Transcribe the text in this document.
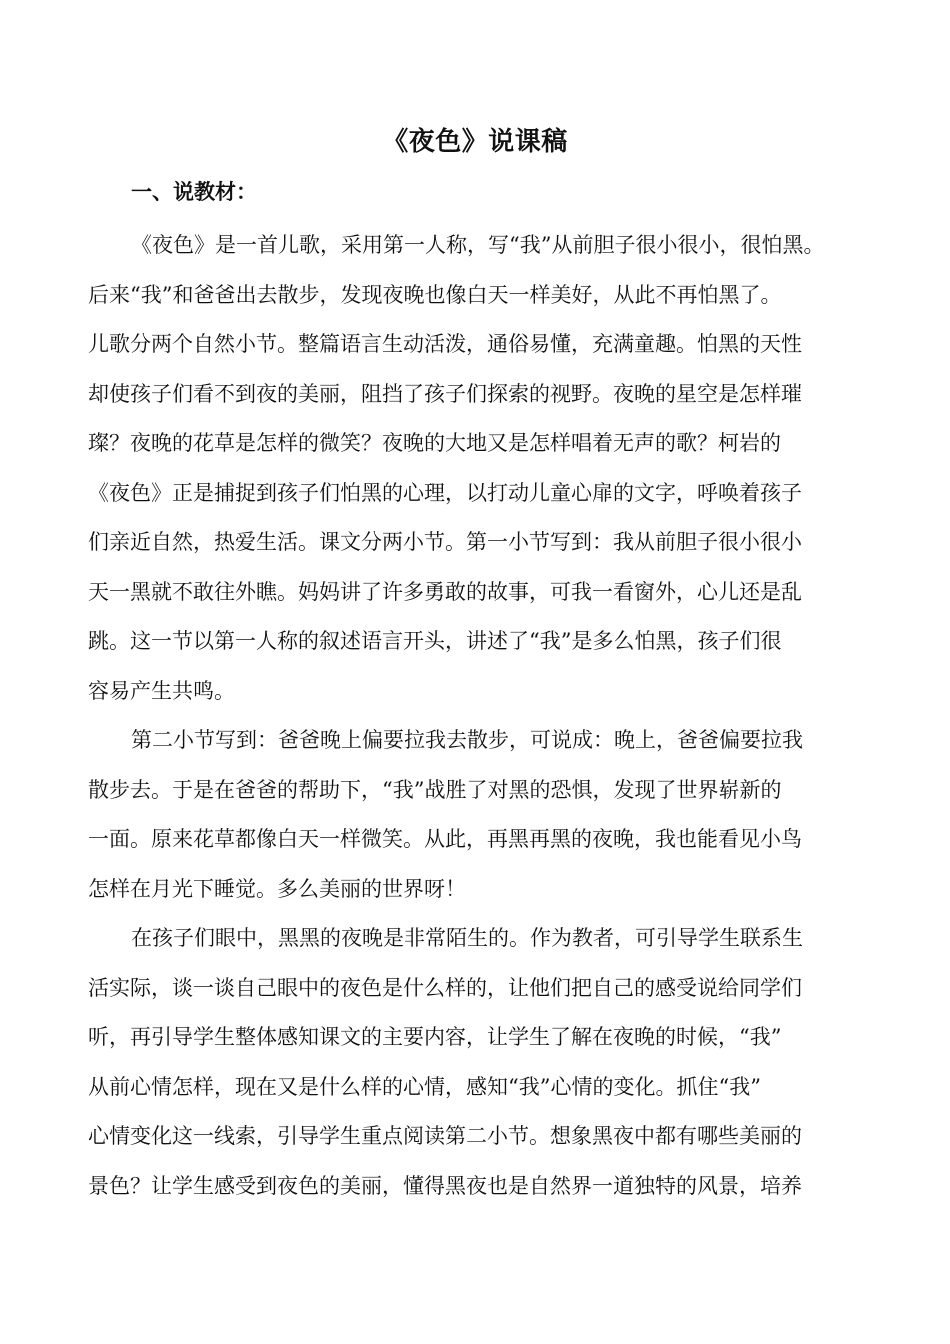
《夜色》说课稿
一、说教材：
《夜色》是一首儿歌，采用第一人称，写“我”从前胆子很小很小，很怕黑。
后来“我”和爸爸出去散步，发现夜晚也像白天一样美好，从此不再怕黑了。
儿歌分两个自然小节。整篇语言生动活泼，通俗易懂，充满童趣。怕黑的天性
却使孩子们看不到夜的美丽，阻挡了孩子们探索的视野。夜晚的星空是怎样璀
璨？夜晚的花草是怎样的微笑？夜晚的大地又是怎样唱着无声的歌？柯岩的
《夜色》正是捕捉到孩子们怕黑的心理，以打动儿童心扉的文字，呼唤着孩子
们亲近自然，热爱生活。课文分两小节。第一小节写到：我从前胆子很小很小
天一黑就不敢往外瞧。妈妈讲了许多勇敢的故事，可我一看窗外，心儿还是乱
跳。这一节以第一人称的叙述语言开头，讲述了“我”是多么怕黑，孩子们很
容易产生共鸣。
第二小节写到：爸爸晚上偏要拉我去散步，可说成：晚上，爸爸偏要拉我
散步去。于是在爸爸的帮助下，“我”战胜了对黑的恐惧，发现了世界崭新的
一面。原来花草都像白天一样微笑。从此，再黑再黑的夜晚，我也能看见小鸟
怎样在月光下睡觉。多么美丽的世界呀！
在孩子们眼中，黑黑的夜晚是非常陌生的。作为教者，可引导学生联系生
活实际，谈一谈自己眼中的夜色是什么样的，让他们把自己的感受说给同学们
听，再引导学生整体感知课文的主要内容，让学生了解在夜晚的时候，“我”
从前心情怎样，现在又是什么样的心情，感知“我”心情的变化。抓住“我”
心情变化这一线索，引导学生重点阅读第二小节。想象黑夜中都有哪些美丽的
景色？让学生感受到夜色的美丽，懂得黑夜也是自然界一道独特的风景，培养
